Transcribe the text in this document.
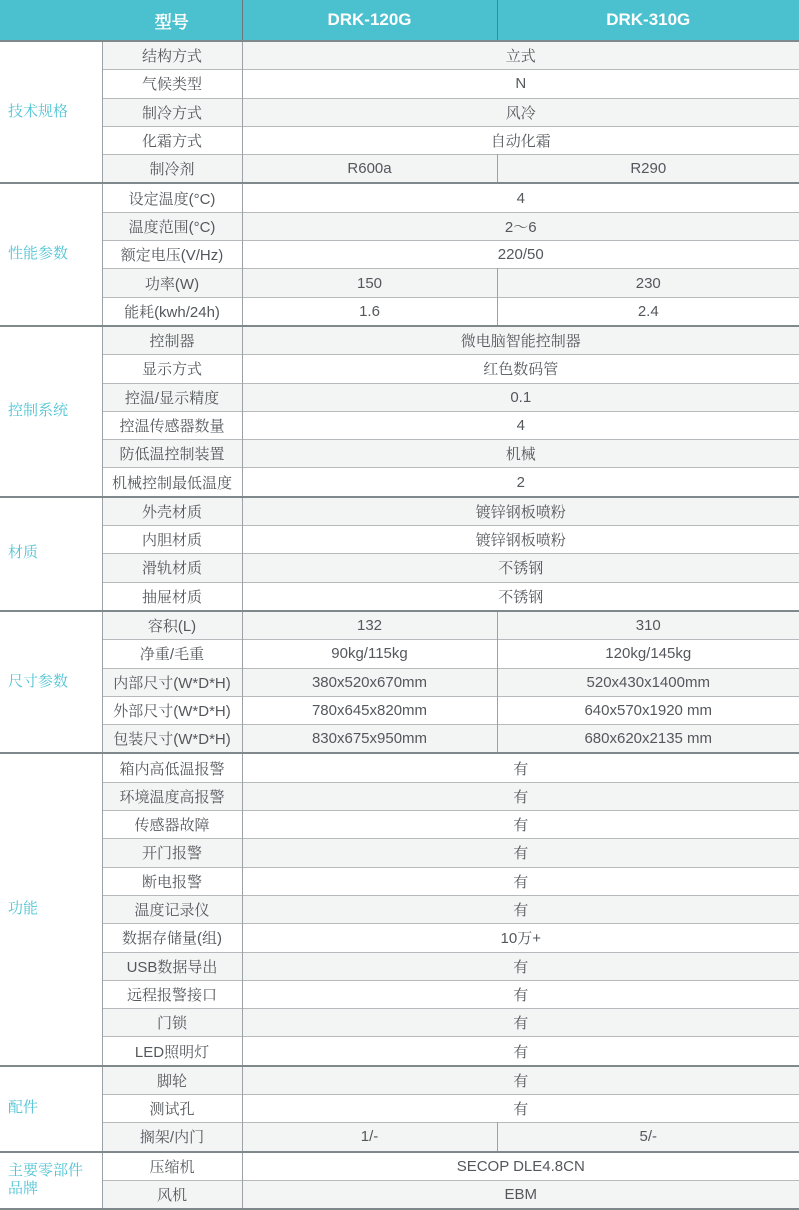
型号		DRK-120G	DRK-310G
技术规格	结构方式	立式	
	气候类型	N	
	制冷方式	风冷	
	化霜方式	自动化霜	
	制冷剂	R600a	R290
性能参数	设定温度(°C)	4	
	温度范围(°C)	2～6	
	额定电压(V/Hz)	220/50	
	功率(W)	150	230
	能耗(kwh/24h)	1.6	2.4
控制系统	控制器	微电脑智能控制器	
	显示方式	红色数码管	
	控温/显示精度	0.1	
	控温传感器数量	4	
	防低温控制装置	机械	
	机械控制最低温度	2	
材质	外壳材质	镀锌钢板喷粉	
	内胆材质	镀锌钢板喷粉	
	滑轨材质	不锈钢	
	抽屉材质	不锈钢	
尺寸参数	容积(L)	132	310
	净重/毛重	90kg/115kg	120kg/145kg
	内部尺寸(W*D*H)	380x520x670mm	520x430x1400mm
	外部尺寸(W*D*H)	780x645x820mm	640x570x1920 mm
	包装尺寸(W*D*H)	830x675x950mm	680x620x2135 mm
功能	箱内高低温报警	有	
	环境温度高报警	有	
	传感器故障	有	
	开门报警	有	
	断电报警	有	
	温度记录仪	有	
	数据存储量(组)	10万+	
	USB数据导出	有	
	远程报警接口	有	
	门锁	有	
	LED照明灯	有	
配件	脚轮	有	
	测试孔	有	
	搁架/内门	1/-	5/-
主要零部件品牌	压缩机	SECOP DLE4.8CN	
	风机	EBM	
